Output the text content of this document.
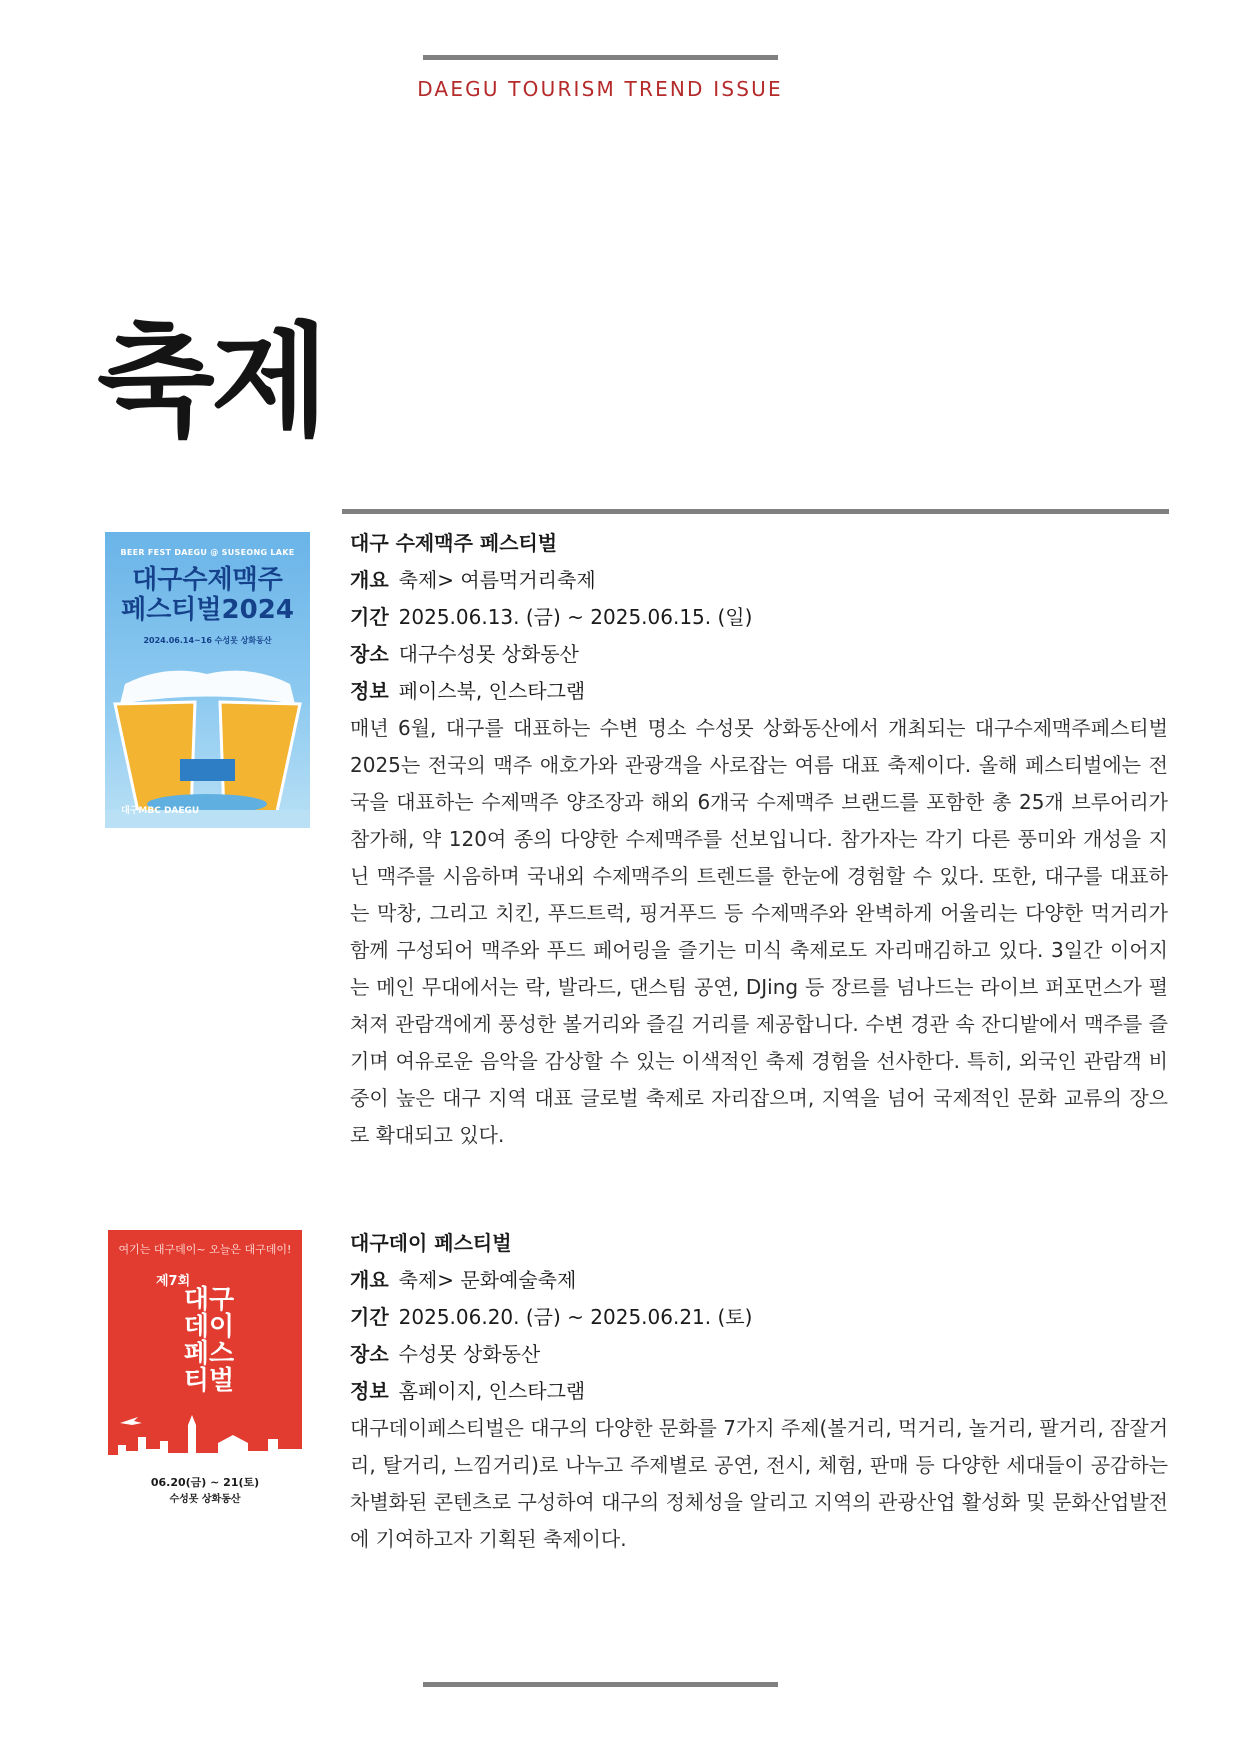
DAEGU TOURISM TREND ISSUE
축제
BEER FEST DAEGU @ SUSEONG LAKE
대구수제맥주
페스티벌2024
2024.06.14~16 수성못 상화동산
대구MBC DAEGU
대구 수제맥주 페스티벌
개요 축제> 여름먹거리축제
기간 2025.06.13. (금) ~ 2025.06.15. (일)
장소 대구수성못 상화동산
정보 페이스북, 인스타그램

매년 6월, 대구를 대표하는 수변 명소 수성못 상화동산에서 개최되는 대구수제맥주페스티벌 2025는 전국의 맥주 애호가와 관광객을 사로잡는 여름 대표 축제이다. 올해 페스티벌에는 전국을 대표하는 수제맥주 양조장과 해외 6개국 수제맥주 브랜드를 포함한 총 25개 브루어리가 참가해, 약 120여 종의 다양한 수제맥주를 선보입니다. 참가자는 각기 다른 풍미와 개성을 지닌 맥주를 시음하며 국내외 수제맥주의 트렌드를 한눈에 경험할 수 있다. 또한, 대구를 대표하는 막창, 그리고 치킨, 푸드트럭, 핑거푸드 등 수제맥주와 완벽하게 어울리는 다양한 먹거리가 함께 구성되어 맥주와 푸드 페어링을 즐기는 미식 축제로도 자리매김하고 있다. 3일간 이어지는 메인 무대에서는 락, 발라드, 댄스팀 공연, DJing 등 장르를 넘나드는 라이브 퍼포먼스가 펼쳐져 관람객에게 풍성한 볼거리와 즐길 거리를 제공합니다. 수변 경관 속 잔디밭에서 맥주를 즐기며 여유로운 음악을 감상할 수 있는 이색적인 축제 경험을 선사한다. 특히, 외국인 관람객 비중이 높은 대구 지역 대표 글로벌 축제로 자리잡으며, 지역을 넘어 국제적인 문화 교류의 장으로 확대되고 있다.

여기는 대구데이~ 오늘은 대구데이!
제7회
대구
데이
페스
티벌
06.20(금) ~ 21(토)
수성못 상화동산
대구데이 페스티벌
개요 축제> 문화예술축제
기간 2025.06.20. (금) ~ 2025.06.21. (토)
장소 수성못 상화동산
정보 홈페이지, 인스타그램

대구데이페스티벌은 대구의 다양한 문화를 7가지 주제(볼거리, 먹거리, 놀거리, 팔거리, 잠잘거리, 탈거리, 느낌거리)로 나누고 주제별로 공연, 전시, 체험, 판매 등 다양한 세대들이 공감하는 차별화된 콘텐츠로 구성하여 대구의 정체성을 알리고 지역의 관광산업 활성화 및 문화산업발전에 기여하고자 기획된 축제이다.
